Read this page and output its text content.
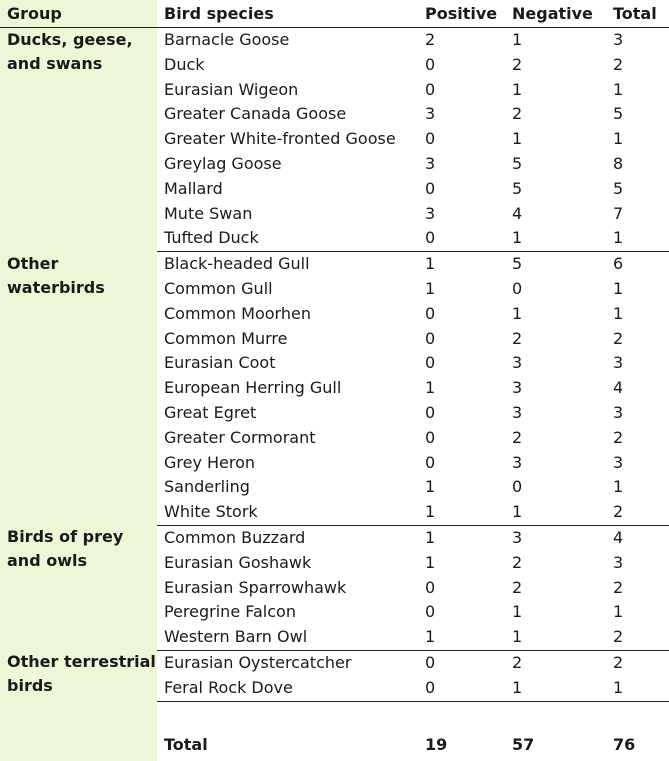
Group	Bird species	Positive	Negative	Total
Ducks, geese, and swans	Barnacle Goose	2	1	3
	Duck	0	2	2
	Eurasian Wigeon	0	1	1
	Greater Canada Goose	3	2	5
	Greater White-fronted Goose	0	1	1
	Greylag Goose	3	5	8
	Mallard	0	5	5
	Mute Swan	3	4	7
	Tufted Duck	0	1	1
Other waterbirds	Black-headed Gull	1	5	6
	Common Gull	1	0	1
	Common Moorhen	0	1	1
	Common Murre	0	2	2
	Eurasian Coot	0	3	3
	European Herring Gull	1	3	4
	Great Egret	0	3	3
	Greater Cormorant	0	2	2
	Grey Heron	0	3	3
	Sanderling	1	0	1
	White Stork	1	1	2
Birds of prey and owls	Common Buzzard	1	3	4
	Eurasian Goshawk	1	2	3
	Eurasian Sparrowhawk	0	2	2
	Peregrine Falcon	0	1	1
	Western Barn Owl	1	1	2
Other terrestrial birds	Eurasian Oystercatcher	0	2	2
	Feral Rock Dove	0	1	1
	Total	19	57	76
